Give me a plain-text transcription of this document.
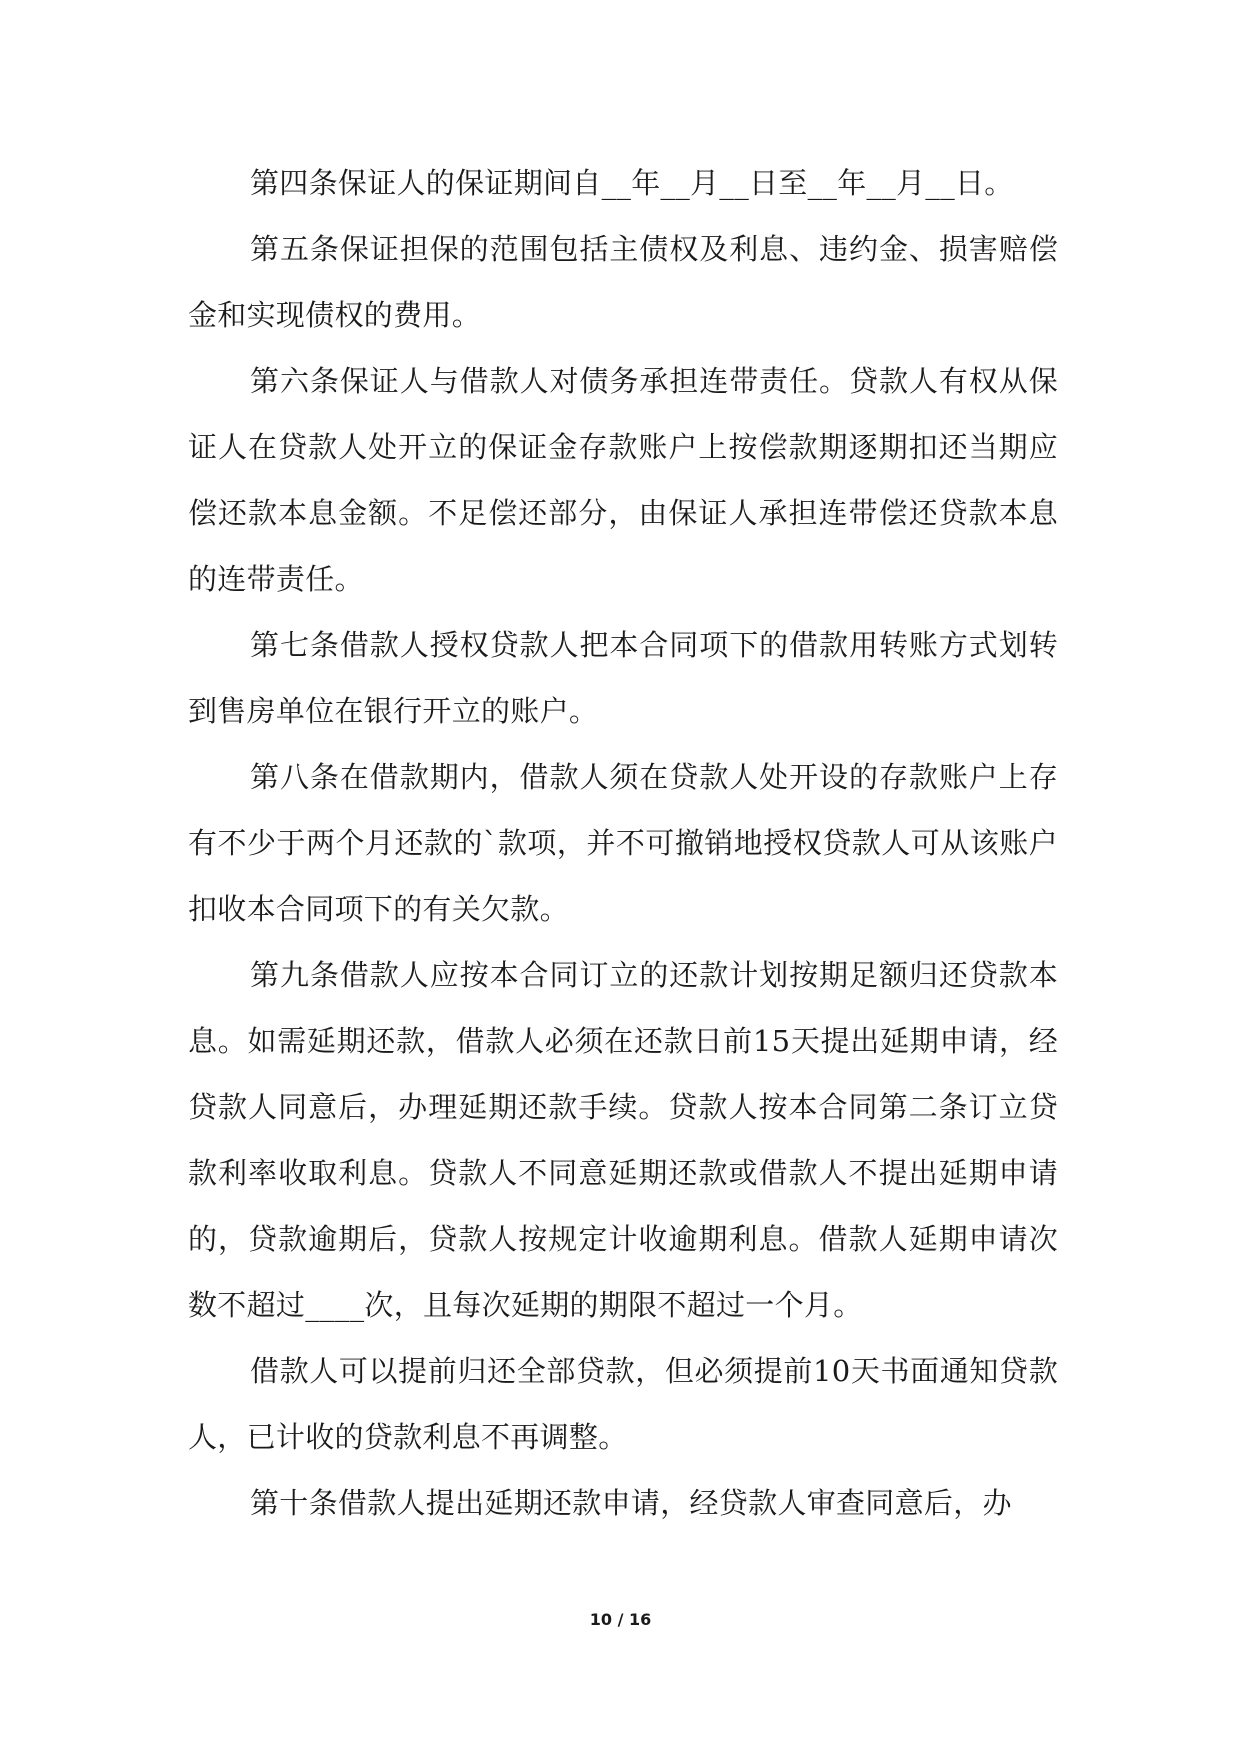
第四条保证人的保证期间自__年__月__日至__年__月__日。

第五条保证担保的范围包括主债权及利息、违约金、损害赔偿金和实现债权的费用。

第六条保证人与借款人对债务承担连带责任。贷款人有权从保证人在贷款人处开立的保证金存款账户上按偿款期逐期扣还当期应偿还款本息金额。不足偿还部分，由保证人承担连带偿还贷款本息的连带责任。

第七条借款人授权贷款人把本合同项下的借款用转账方式划转到售房单位在银行开立的账户。

第八条在借款期内，借款人须在贷款人处开设的存款账户上存有不少于两个月还款的`款项，并不可撤销地授权贷款人可从该账户扣收本合同项下的有关欠款。

第九条借款人应按本合同订立的还款计划按期足额归还贷款本息。如需延期还款，借款人必须在还款日前15天提出延期申请，经贷款人同意后，办理延期还款手续。贷款人按本合同第二条订立贷款利率收取利息。贷款人不同意延期还款或借款人不提出延期申请的，贷款逾期后，贷款人按规定计收逾期利息。借款人延期申请次数不超过____次，且每次延期的期限不超过一个月。

借款人可以提前归还全部贷款，但必须提前10天书面通知贷款人，已计收的贷款利息不再调整。

第十条借款人提出延期还款申请，经贷款人审查同意后，办

10 / 16
